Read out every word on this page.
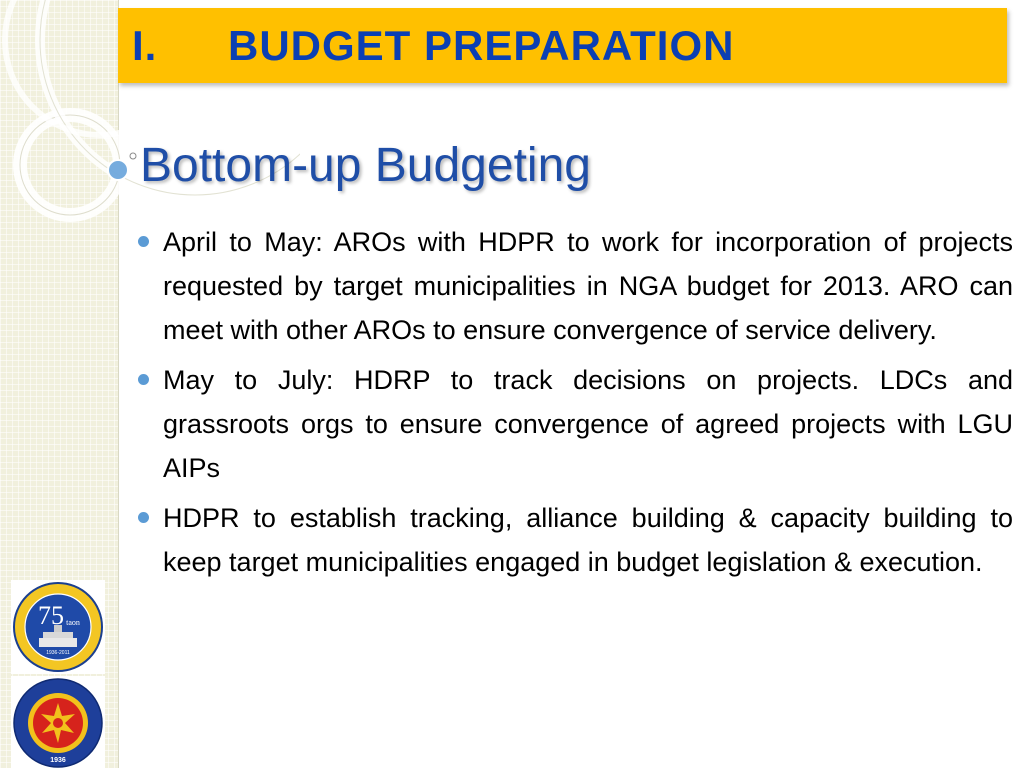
I.	BUDGET PREPARATION
Bottom-up Budgeting
April to May: AROs with HDPR to work for incorporation of projects requested by target municipalities in NGA budget for 2013. ARO can meet with other AROs to ensure convergence of service delivery.
May to July: HDRP to track decisions on projects. LDCs and grassroots orgs to ensure convergence of agreed projects with LGU AIPs
HDPR to establish tracking, alliance building & capacity building to keep target municipalities engaged in budget legislation & execution.
75 taon
1936-2011
1936
